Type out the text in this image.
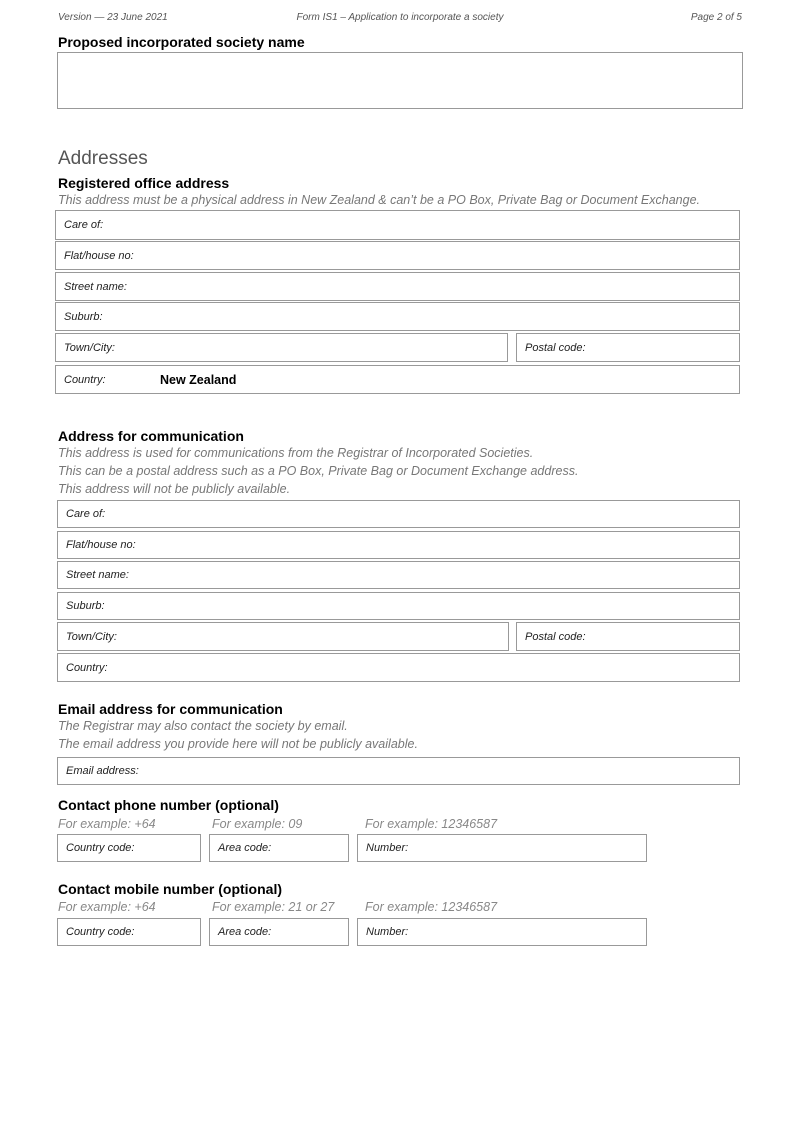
Version — 23 June 2021	Form IS1 – Application to incorporate a society	Page 2 of 5
Proposed incorporated society name
Addresses
Registered office address
This address must be a physical address in New Zealand & can’t be a PO Box, Private Bag or Document Exchange.
Care of:
Flat/house no:
Street name:
Suburb:
Town/City:	Postal code:
Country:	New Zealand
Address for communication
This address is used for communications from the Registrar of Incorporated Societies.
This can be a postal address such as a PO Box, Private Bag or Document Exchange address.
This address will not be publicly available.
Care of:
Flat/house no:
Street name:
Suburb:
Town/City:	Postal code:
Country:
Email address for communication
The Registrar may also contact the society by email.
The email address you provide here will not be publicly available.
Email address:
Contact phone number (optional)
For example: +64	For example: 09	For example: 12346587
Country code:	Area code:	Number:
Contact mobile number (optional)
For example: +64	For example: 21 or 27 For example: 12346587
Country code:	Area code:	Number:
